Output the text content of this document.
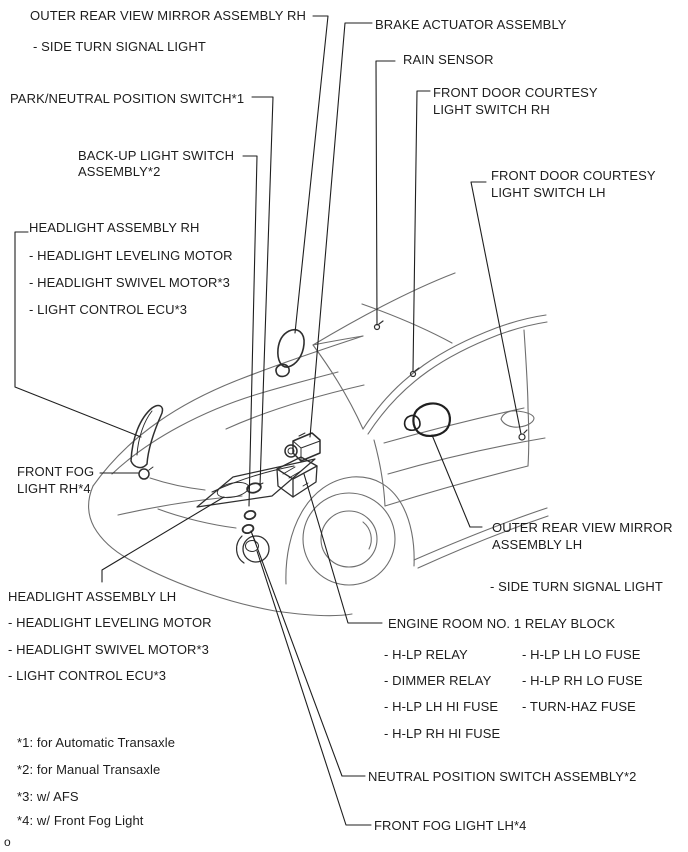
OUTER REAR VIEW MIRROR ASSEMBLY RH
- SIDE TURN SIGNAL LIGHT
BRAKE ACTUATOR ASSEMBLY
RAIN SENSOR
PARK/NEUTRAL POSITION SWITCH*1	FRONT DOOR COURTESY LIGHT SWITCH RH
FRONT DOOR COURTESY LIGHT SWITCH LH
BACK-UP LIGHT SWITCH ASSEMBLY*2
HEADLIGHT ASSEMBLY RH
- HEADLIGHT LEVELING MOTOR
- HEADLIGHT SWIVEL MOTOR*3
- LIGHT CONTROL ECU*3
FRONT FOG LIGHT RH*4
HEADLIGHT ASSEMBLY LH
- HEADLIGHT LEVELING MOTOR
- HEADLIGHT SWIVEL MOTOR*3
- LIGHT CONTROL ECU*3
OUTER REAR VIEW MIRROR ASSEMBLY LH
- SIDE TURN SIGNAL LIGHT
ENGINE ROOM NO. 1 RELAY BLOCK
- H-LP RELAY
- DIMMER RELAY
- H-LP LH HI FUSE
- H-LP RH HI FUSE
- H-LP LH LO FUSE
- H-LP RH LO FUSE
- TURN-HAZ FUSE
NEUTRAL POSITION SWITCH ASSEMBLY*2
FRONT FOG LIGHT LH*4
*1: for Automatic Transaxle
*2: for Manual Transaxle
*3: w/ AFS
*4: w/ Front Fog Light
o
